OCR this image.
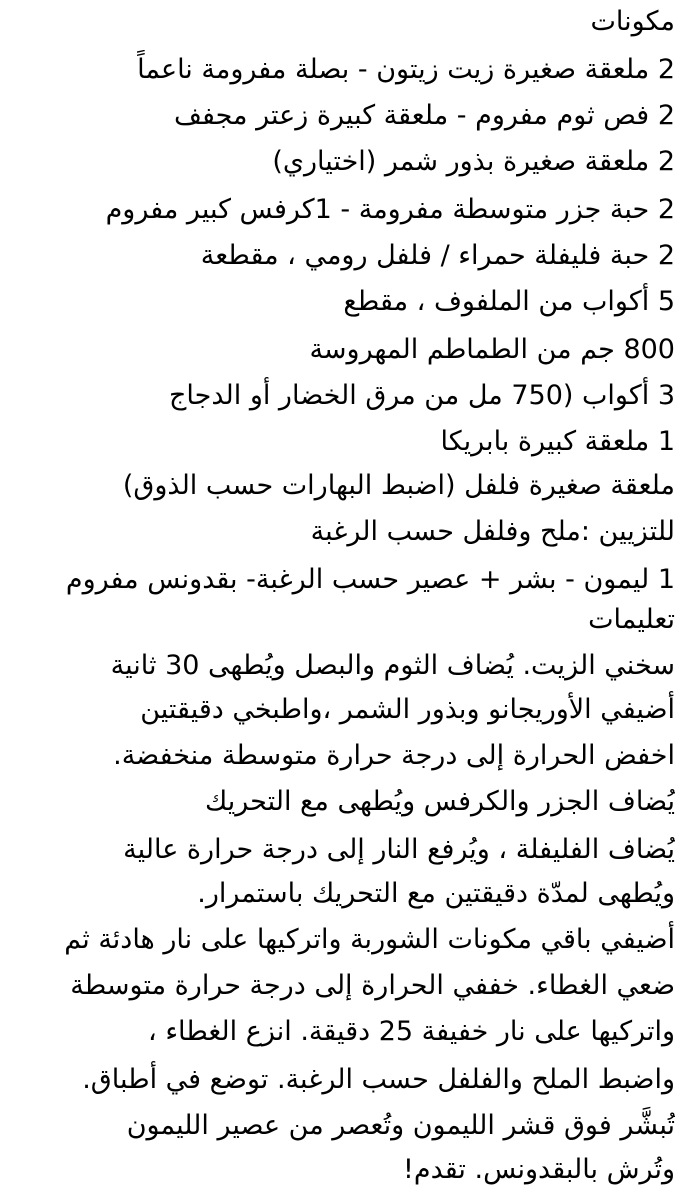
مكونات
2 ملعقة صغيرة زيت زيتون - بصلة مفرومة ناعماً
2 فص ثوم مفروم - ملعقة كبيرة زعتر مجفف
2 ملعقة صغيرة بذور شمر (اختياري)
2 حبة جزر متوسطة مفرومة - 1كرفس كبير مفروم
2 حبة فليفلة حمراء / فلفل رومي ، مقطعة
5 أكواب من الملفوف ، مقطع
800 جم من الطماطم المهروسة
3 أكواب (750 مل من مرق الخضار أو الدجاج
1 ملعقة كبيرة بابريكا
ملعقة صغيرة فلفل (اضبط البهارات حسب الذوق)
للتزيين :ملح وفلفل حسب الرغبة
1 ليمون - بشر + عصير حسب الرغبة- بقدونس مفروم
تعليمات
سخني الزيت. يُضاف الثوم والبصل ويُطهى 30 ثانية
أضيفي الأوريجانو وبذور الشمر ،واطبخي دقيقتين
اخفض الحرارة إلى درجة حرارة متوسطة منخفضة.
يُضاف الجزر والكرفس ويُطهى مع التحريك
يُضاف الفليفلة ، ويُرفع النار إلى درجة حرارة عالية
ويُطهى لمدّة دقيقتين مع التحريك باستمرار.
أضيفي باقي مكونات الشوربة واتركيها على نار هادئة ثم
ضعي الغطاء. خففي الحرارة إلى درجة حرارة متوسطة
واتركيها على نار خفيفة 25 دقيقة. انزع الغطاء ،
واضبط الملح والفلفل حسب الرغبة. توضع في أطباق.
تُبشَّر فوق قشر الليمون وتُعصر من عصير الليمون
وتُرش بالبقدونس. تقدم!
